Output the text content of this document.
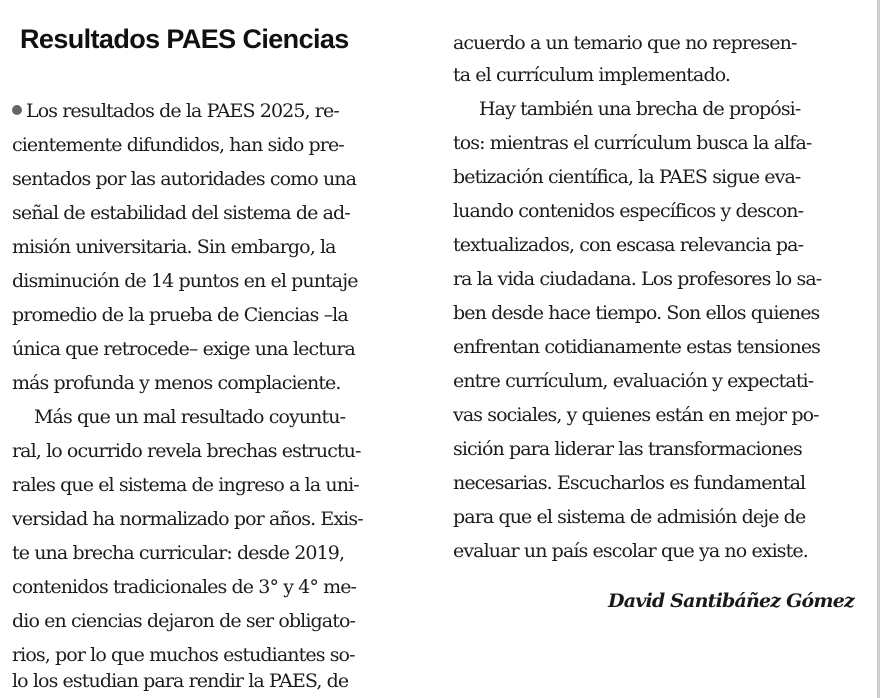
Resultados PAES Ciencias
Los resultados de la PAES 2025, re-
cientemente difundidos, han sido pre-
sentados por las autoridades como una
señal de estabilidad del sistema de ad-
misión universitaria. Sin embargo, la
disminución de 14 puntos en el puntaje
promedio de la prueba de Ciencias –la
única que retrocede– exige una lectura
más profunda y menos complaciente.
Más que un mal resultado coyuntu-
ral, lo ocurrido revela brechas estructu-
rales que el sistema de ingreso a la uni-
versidad ha normalizado por años. Exis-
te una brecha curricular: desde 2019,
contenidos tradicionales de 3° y 4° me-
dio en ciencias dejaron de ser obligato-
rios, por lo que muchos estudiantes so-
lo los estudian para rendir la PAES, de
acuerdo a un temario que no represen-
ta el currículum implementado.
Hay también una brecha de propósi-
tos: mientras el currículum busca la alfa-
betización científica, la PAES sigue eva-
luando contenidos específicos y descon-
textualizados, con escasa relevancia pa-
ra la vida ciudadana. Los profesores lo sa-
ben desde hace tiempo. Son ellos quienes
enfrentan cotidianamente estas tensiones
entre currículum, evaluación y expectati-
vas sociales, y quienes están en mejor po-
sición para liderar las transformaciones
necesarias. Escucharlos es fundamental
para que el sistema de admisión deje de
evaluar un país escolar que ya no existe.
David Santibáñez Gómez
